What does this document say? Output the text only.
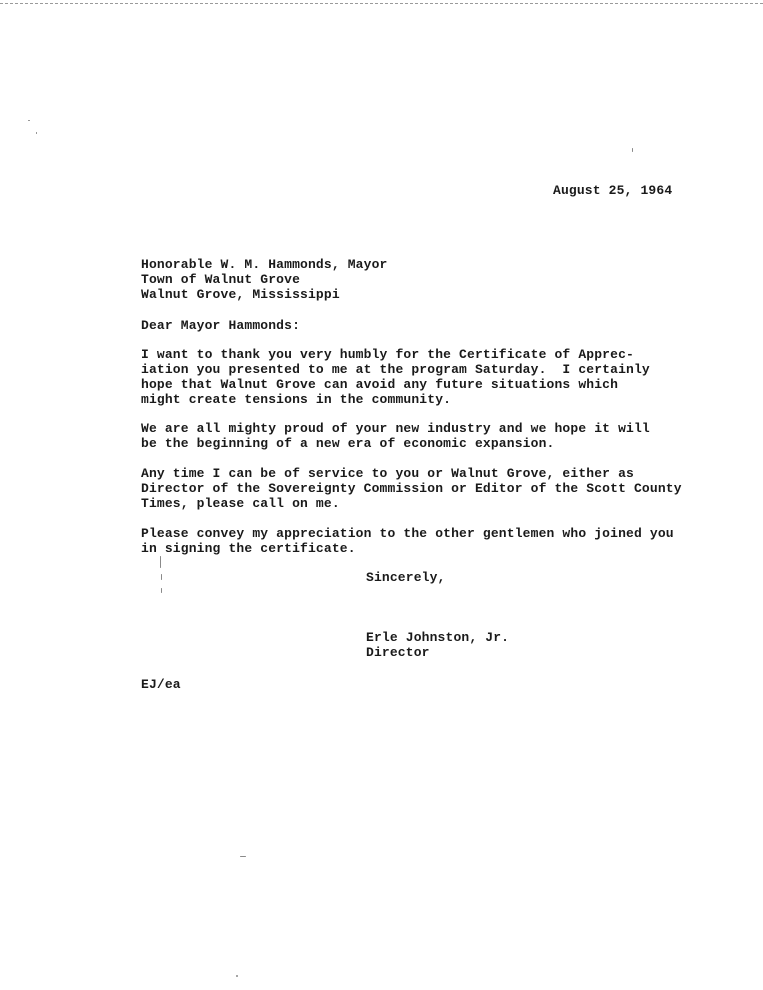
August 25, 1964
Honorable W. M. Hammonds, Mayor
Town of Walnut Grove
Walnut Grove, Mississippi
Dear Mayor Hammonds:
I want to thank you very humbly for the Certificate of Apprec-
iation you presented to me at the program Saturday.  I certainly
hope that Walnut Grove can avoid any future situations which
might create tensions in the community.
We are all mighty proud of your new industry and we hope it will
be the beginning of a new era of economic expansion.
Any time I can be of service to you or Walnut Grove, either as
Director of the Sovereignty Commission or Editor of the Scott County
Times, please call on me.
Please convey my appreciation to the other gentlemen who joined you
in signing the certificate.
Sincerely,
Erle Johnston, Jr.
Director
EJ/ea
